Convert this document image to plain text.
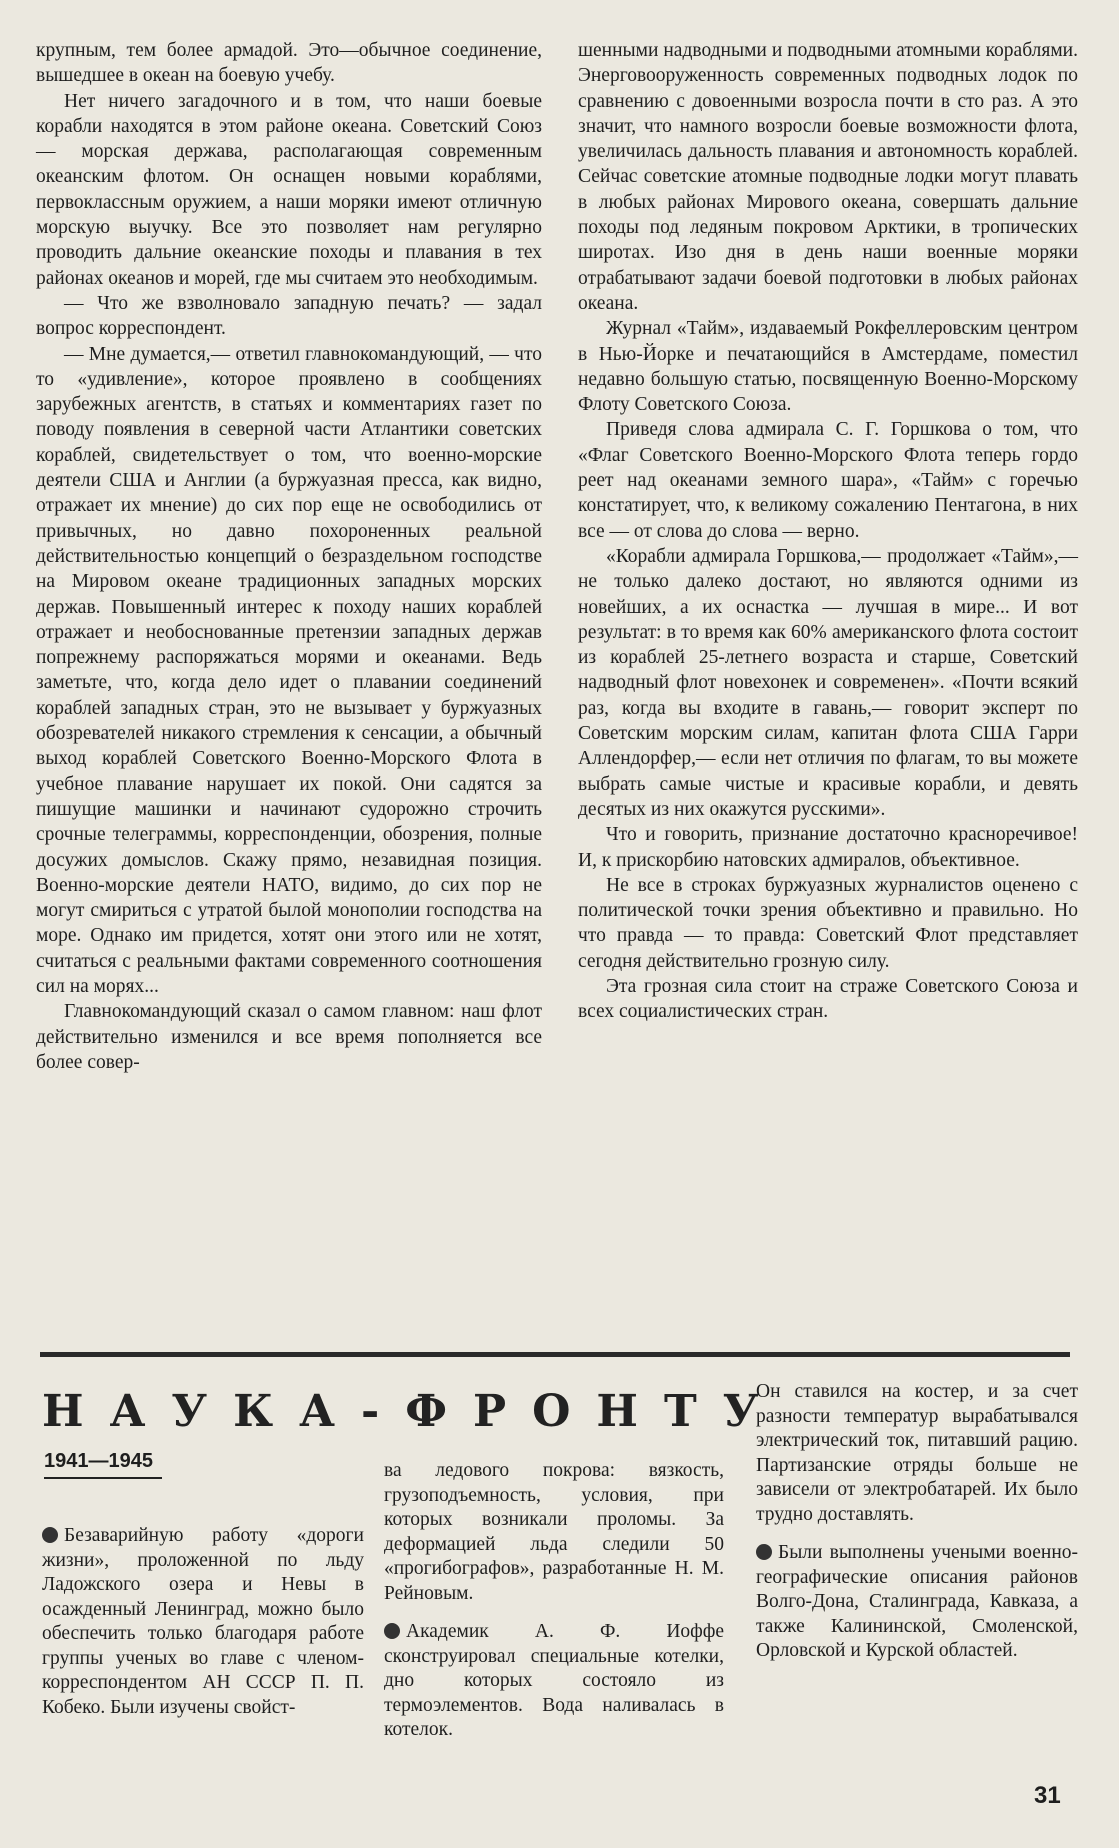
крупным, тем более армадой. Это—обычное соединение, вышедшее в океан на боевую учебу.

Нет ничего загадочного и в том, что наши боевые корабли находятся в этом районе океана. Советский Союз — морская держава, располагающая современным океанским флотом. Он оснащен новыми кораблями, первоклассным оружием, а наши моряки имеют отличную морскую выучку. Все это позволяет нам регулярно проводить дальние океанские походы и плавания в тех районах океанов и морей, где мы считаем это необходимым.

— Что же взволновало западную печать? — задал вопрос корреспондент.

— Мне думается,— ответил главнокомандующий, — что то «удивление», которое проявлено в сообщениях зарубежных агентств, в статьях и комментариях газет по поводу появления в северной части Атлантики советских кораблей, свидетельствует о том, что военно-морские деятели США и Англии (а буржуазная пресса, как видно, отражает их мнение) до сих пор еще не освободились от привычных, но давно похороненных реальной действительностью концепций о безраздельном господстве на Мировом океане традиционных западных морских держав. Повышенный интерес к походу наших кораблей отражает и необоснованные претензии западных держав попрежнему распоряжаться морями и океанами. Ведь заметьте, что, когда дело идет о плавании соединений кораблей западных стран, это не вызывает у буржуазных обозревателей никакого стремления к сенсации, а обычный выход кораблей Советского Военно-Морского Флота в учебное плавание нарушает их покой. Они садятся за пишущие машинки и начинают судорожно строчить срочные телеграммы, корреспонденции, обозрения, полные досужих домыслов. Скажу прямо, незавидная позиция. Военно-морские деятели НАТО, видимо, до сих пор не могут смириться с утратой былой монополии господства на море. Однако им придется, хотят они этого или не хотят, считаться с реальными фактами современного соотношения сил на морях...

Главнокомандующий сказал о самом главном: наш флот действительно изменился и все время пополняется все более совер-

шенными надводными и подводными атомными кораблями. Энерговооруженность современных подводных лодок по сравнению с довоенными возросла почти в сто раз. А это значит, что намного возросли боевые возможности флота, увеличилась дальность плавания и автономность кораблей. Сейчас советские атомные подводные лодки могут плавать в любых районах Мирового океана, совершать дальние походы под ледяным покровом Арктики, в тропических широтах. Изо дня в день наши военные моряки отрабатывают задачи боевой подготовки в любых районах океана.

Журнал «Тайм», издаваемый Рокфеллеровским центром в Нью-Йорке и печатающийся в Амстердаме, поместил недавно большую статью, посвященную Военно-Морскому Флоту Советского Союза.

Приведя слова адмирала С. Г. Горшкова о том, что «Флаг Советского Военно-Морского Флота теперь гордо реет над океанами земного шара», «Тайм» с горечью констатирует, что, к великому сожалению Пентагона, в них все — от слова до слова — верно.

«Корабли адмирала Горшкова,— продолжает «Тайм»,— не только далеко достают, но являются одними из новейших, а их оснастка — лучшая в мире... И вот результат: в то время как 60% американского флота состоит из кораблей 25-летнего возраста и старше, Советский надводный флот новехонек и современен». «Почти всякий раз, когда вы входите в гавань,— говорит эксперт по Советским морским силам, капитан флота США Гарри Аллендорфер,— если нет отличия по флагам, то вы можете выбрать самые чистые и красивые корабли, и девять десятых из них окажутся русскими».

Что и говорить, признание достаточно красноречивое! И, к прискорбию натовских адмиралов, объективное.

Не все в строках буржуазных журналистов оценено с политической точки зрения объективно и правильно. Но что правда — то правда: Советский Флот представляет сегодня действительно грозную силу.

Эта грозная сила стоит на страже Советского Союза и всех социалистических стран.

НАУКА-ФРОНТУ
1941—1945

Безаварийную работу «дороги жизни», проложенной по льду Ладожского озера и Невы в осажденный Ленинград, можно было обеспечить только благодаря работе группы ученых во главе с членом-корреспондентом АН СССР П. П. Кобеко. Были изучены свойст-

ва ледового покрова: вязкость, грузоподъемность, условия, при которых возникали проломы. За деформацией льда следили 50 «прогибографов», разработанные Н. М. Рейновым.

Академик А. Ф. Иоффе сконструировал специальные котелки, дно которых состояло из термоэлементов. Вода наливалась в котелок.

Он ставился на костер, и за счет разности температур вырабатывался электрический ток, питавший рацию. Партизанские отряды больше не зависели от электробатарей. Их было трудно доставлять.

Были выполнены учеными военно-географические описания районов Волго-Дона, Сталинграда, Кавказа, а также Калининской, Смоленской, Орловской и Курской областей.

31
